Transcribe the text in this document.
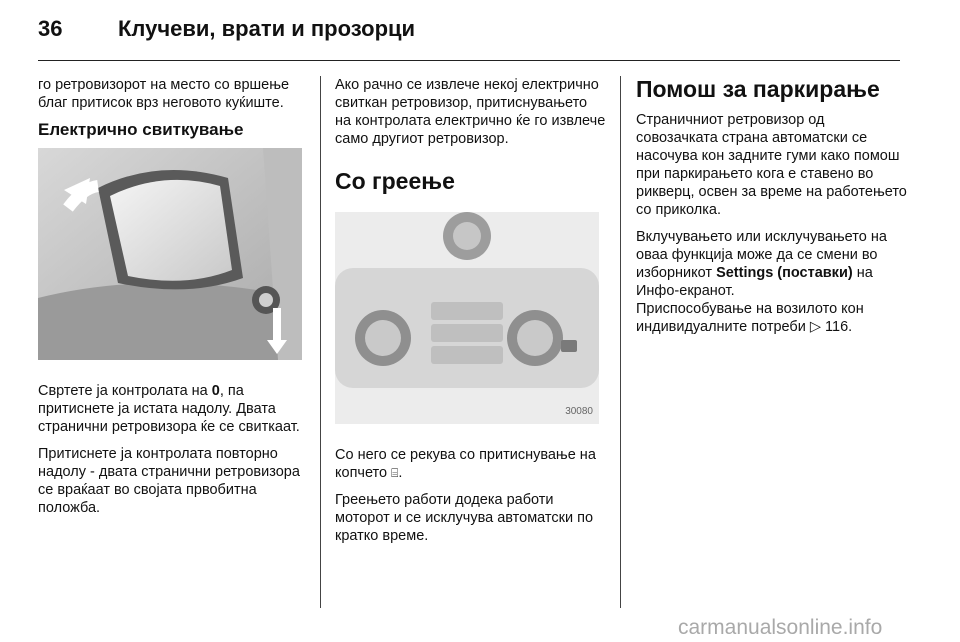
36	Клучеви, врати и прозорци

го ретровизорот на место со вршење благ притисок врз неговото куќиште.

Електрично свиткување

Свртете ја контролата на 0, па притиснете ја истата надолу. Двата странични ретровизора ќе се свиткаат.

Притиснете ја контролата повторно надолу - двата странични ретровизора се враќаат во својата првобитна положба.

Ако рачно се извлече некој електрично свиткан ретровизор, притиснувањето на контролата електрично ќе го извлече само другиот ретровизор.

Со греење

30080

Со него се рекува со притиснување на копчето ⌸.

Греењето работи додека работи моторот и се исклучува автоматски по кратко време.

Помош за паркирање

Страничниот ретровизор од совозачката страна автоматски се насочува кон задните гуми како помош при паркирањето кога е ставено во рикверц, освен за време на работењето со приколка.

Вклучувањето или исклучувањето на оваа функција може да се смени во изборникот Settings (поставки) на Инфо-екранот.

Приспособување на возилото кон индивидуалните потреби ▷ 116.

carmanualsonline.info
